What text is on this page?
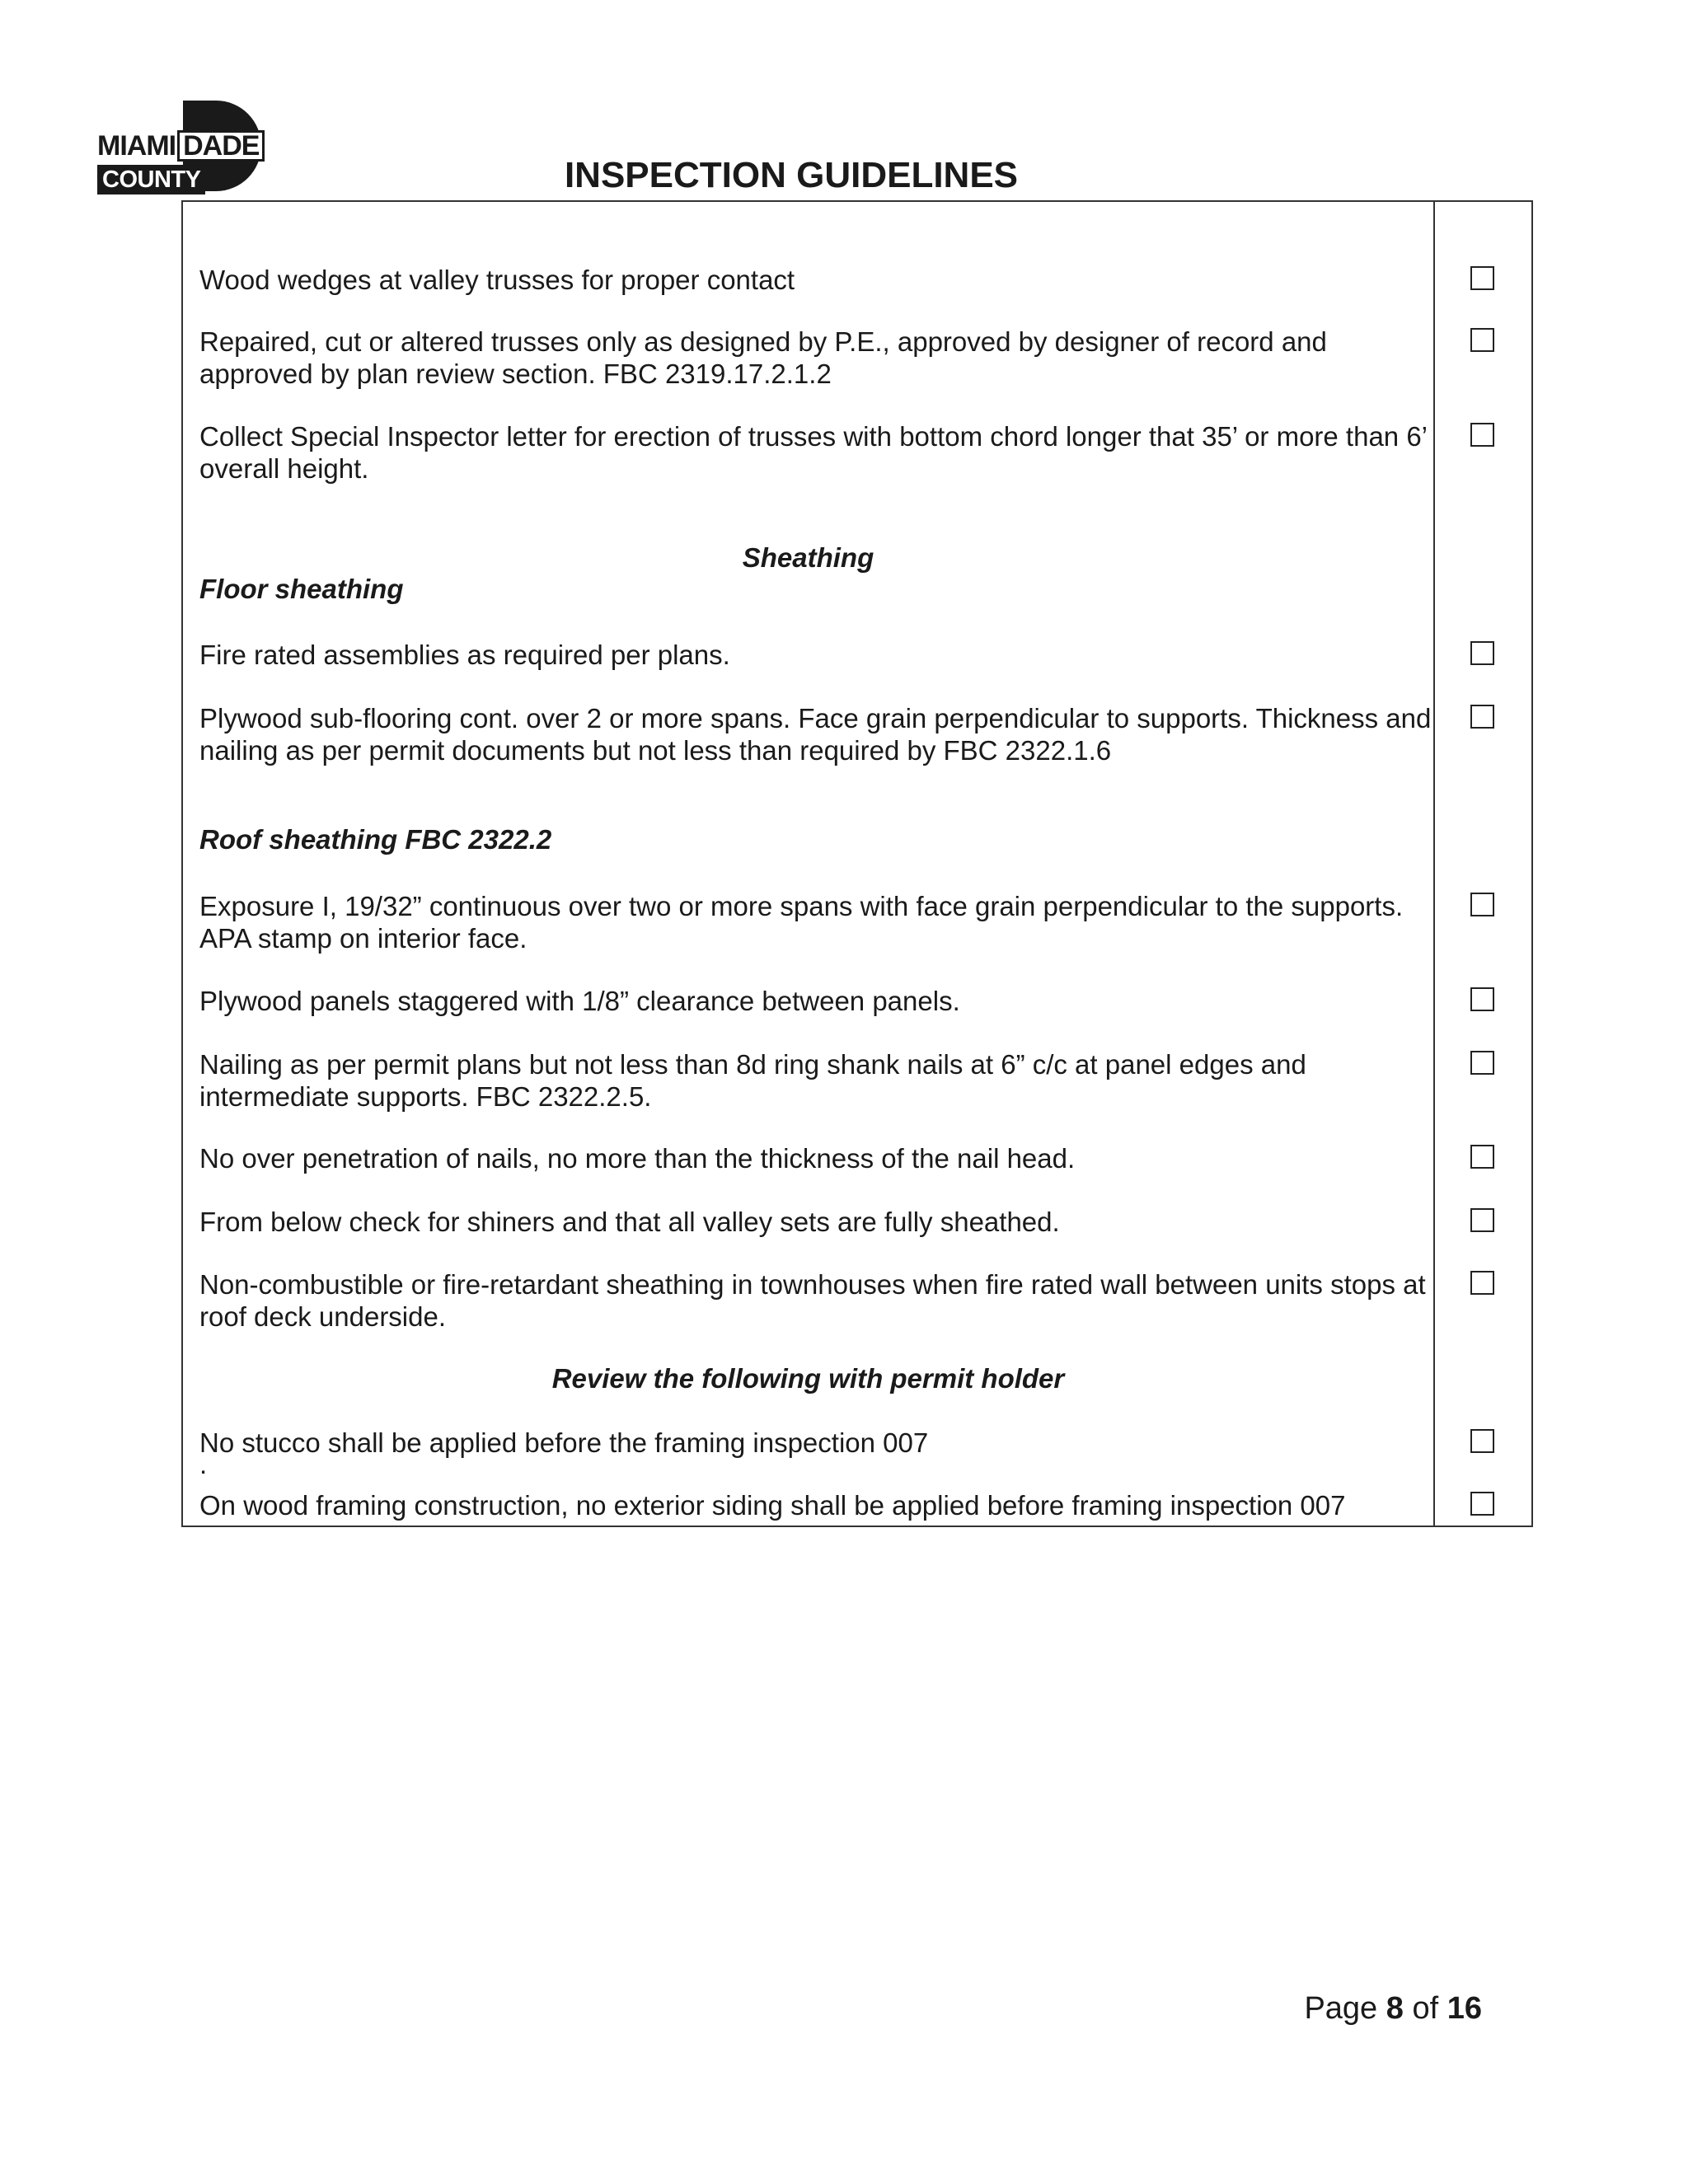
MIAMI DADE
COUNTY	INSPECTION GUIDELINES
Wood wedges at valley trusses for proper contact
Repaired, cut or altered trusses only as designed by P.E., approved by designer of record and approved by plan review section. FBC 2319.17.2.1.2
Collect Special Inspector letter for erection of trusses with bottom chord longer that 35’ or more than 6’ overall height.
Sheathing
Floor sheathing
Fire rated assemblies as required per plans.
Plywood sub-flooring cont. over 2 or more spans. Face grain perpendicular to supports. Thickness and nailing as per permit documents but not less than required by FBC 2322.1.6
Roof sheathing FBC 2322.2
Exposure I, 19/32” continuous over two or more spans with face grain perpendicular to the supports. APA stamp on interior face.
Plywood panels staggered with 1/8” clearance between panels.
Nailing as per permit plans but not less than 8d ring shank nails at 6” c/c at panel edges and intermediate supports. FBC 2322.2.5.
No over penetration of nails, no more than the thickness of the nail head.
From below check for shiners and that all valley sets are fully sheathed.
Non-combustible or fire-retardant sheathing in townhouses when fire rated wall between units stops at roof deck underside.
Review the following with permit holder
No stucco shall be applied before the framing inspection 007
.
On wood framing construction, no exterior siding shall be applied before framing inspection 007
Page 8 of 16
